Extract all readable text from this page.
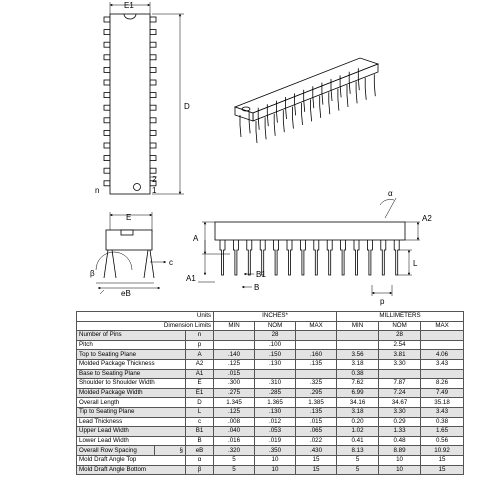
E1
D
n
2
1
E
c
eB
A
A1
A2
L
α
B1
B
p
β
Units			INCHES*			MILLIMETERS		
Dimension Limits			MIN	NOM	MAX	MIN	NOM	MAX
Number of Pins		n		28			28	
Pitch		p		.100			2.54	
Top to Seating Plane		A	.140	.150	.160	3.56	3.81	4.06
Molded Package Thickness		A2	.125	.130	.135	3.18	3.30	3.43
Base to Seating Plane		A1	.015			0.38		
Shoulder to Shoulder Width		E	.300	.310	.325	7.62	7.87	8.26
Molded Package Width		E1	.275	.285	.295	6.99	7.24	7.49
Overall Length		D	1.345	1.365	1.385	34.16	34.67	35.18
Tip to Seating Plane		L	.125	.130	.135	3.18	3.30	3.43
Lead Thickness		c	.008	.012	.015	0.20	0.29	0.38
Upper Lead Width		B1	.040	.053	.065	1.02	1.33	1.65
Lower Lead Width		B	.016	.019	.022	0.41	0.48	0.56
Overall Row Spacing	§	eB	.320	.350	.430	8.13	8.89	10.92
Mold Draft Angle Top		α	5	10	15	5	10	15
Mold Draft Angle Bottom		β	5	10	15	5	10	15
